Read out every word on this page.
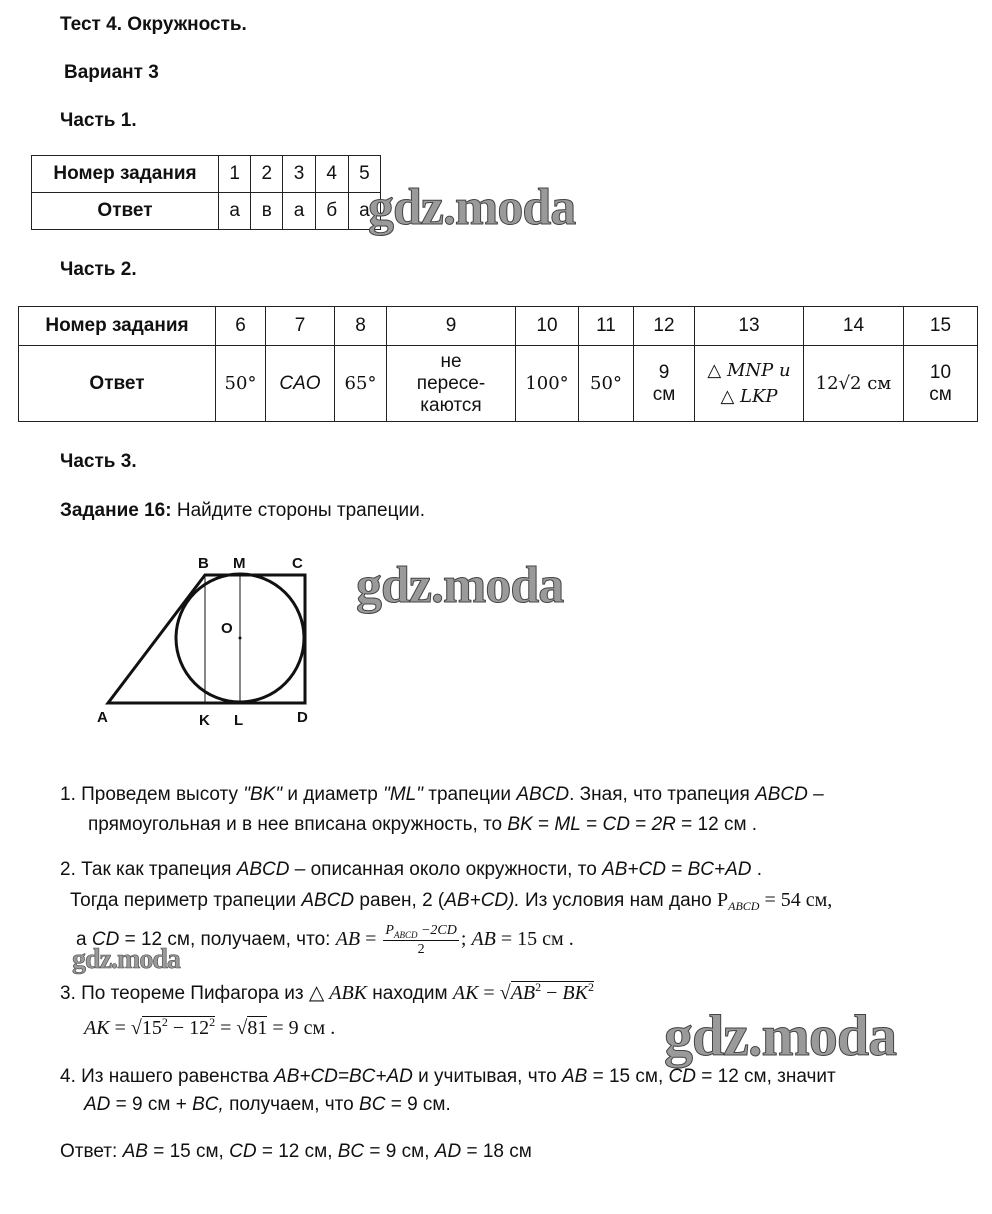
Тест 4. Окружность.
Вариант 3
Часть 1.
Номер задания	1	2	3	4	5
Ответ	а	в	а	б	а
Часть 2.
Номер задания	6	7	8	9	10	11	12	13	14	15
Ответ	50°	CAO	65°	не пересе- каются	100°	50°	9 см	△ MNP и △ LKP	12√2 см	10 см
Часть 3.
Задание 16: Найдите стороны трапеции.
B M	C
O
A	K L	D
1. Проведем высоту "BK" и диаметр "ML" трапеции ABCD. Зная, что трапеция ABCD –
прямоугольная и в нее вписана окружность, то BK = ML = CD = 2R = 12 см .
2. Так как трапеция ABCD – описанная около окружности, то AB+CD = BC+AD .
Тогда периметр трапеции ABCD равен, 2 (AB+CD). Из условия нам дано $P_{ABCD} = 54$ см,
а CD = 12 см, получаем, что: AB = $\frac{P_{ABCD} -2CD}{2}$ ; AB = 15 см .
3. По теореме Пифагора из △ ABK находим AK = $√AB^2 - BK^2$
AK = $√15^2 - 12^2 = √81 = 9$ см .
4. Из нашего равенства AB+CD=BC+AD и учитывая, что AB = 15 см, CD = 12 см, значит
AD = 9 см + BC, получаем, что BC = 9 см.
Ответ: AB = 15 см, CD = 12 см, BC = 9 см, AD = 18 см
gdz.moda
gdz.moda
gdz.moda
gdz.moda
